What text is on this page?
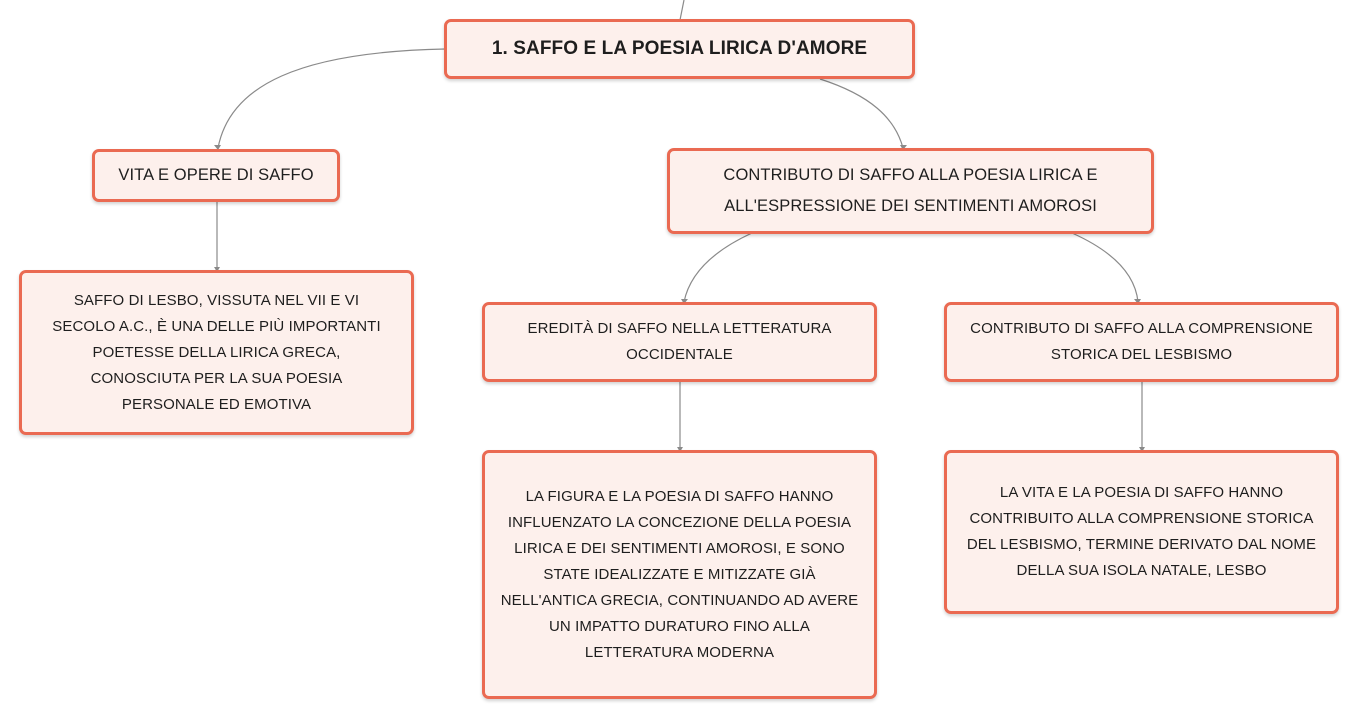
1. SAFFO E LA POESIA LIRICA D'AMORE
VITA E OPERE DI SAFFO
SAFFO DI LESBO, VISSUTA NEL VII E VI SECOLO A.C., È UNA DELLE PIÙ IMPORTANTI POETESSE DELLA LIRICA GRECA, CONOSCIUTA PER LA SUA POESIA PERSONALE ED EMOTIVA
CONTRIBUTO DI SAFFO ALLA POESIA LIRICA E ALL'ESPRESSIONE DEI SENTIMENTI AMOROSI
EREDITÀ DI SAFFO NELLA LETTERATURA OCCIDENTALE
CONTRIBUTO DI SAFFO ALLA COMPRENSIONE STORICA DEL LESBISMO
LA FIGURA E LA POESIA DI SAFFO HANNO INFLUENZATO LA CONCEZIONE DELLA POESIA LIRICA E DEI SENTIMENTI AMOROSI, E SONO STATE IDEALIZZATE E MITIZZATE GIÀ NELL'ANTICA GRECIA, CONTINUANDO AD AVERE UN IMPATTO DURATURO FINO ALLA LETTERATURA MODERNA
LA VITA E LA POESIA DI SAFFO HANNO CONTRIBUITO ALLA COMPRENSIONE STORICA DEL LESBISMO, TERMINE DERIVATO DAL NOME DELLA SUA ISOLA NATALE, LESBO
